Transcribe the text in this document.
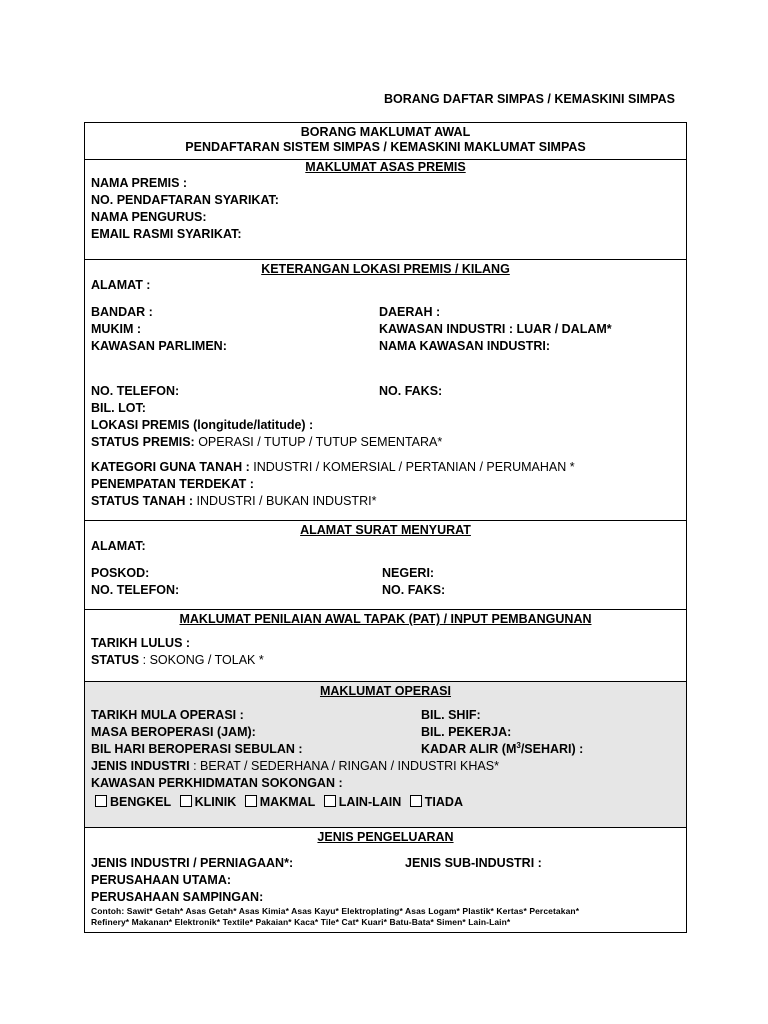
BORANG DAFTAR SIMPAS / KEMASKINI SIMPAS
BORANG MAKLUMAT AWAL
PENDAFTARAN SISTEM SIMPAS / KEMASKINI MAKLUMAT SIMPAS
MAKLUMAT ASAS PREMIS
NAMA PREMIS :
NO. PENDAFTARAN SYARIKAT:
NAMA PENGURUS:
EMAIL RASMI SYARIKAT:
KETERANGAN LOKASI PREMIS / KILANG
ALAMAT :
BANDAR :	DAERAH :
MUKIM :	KAWASAN INDUSTRI : LUAR / DALAM*
KAWASAN PARLIMEN:	NAMA KAWASAN INDUSTRI:
NO. TELEFON:	NO. FAKS:
BIL. LOT:
LOKASI PREMIS (longitude/latitude) :
STATUS PREMIS: OPERASI / TUTUP / TUTUP SEMENTARA*
KATEGORI GUNA TANAH : INDUSTRI / KOMERSIAL / PERTANIAN / PERUMAHAN *
PENEMPATAN TERDEKAT :
STATUS TANAH : INDUSTRI / BUKAN INDUSTRI*
ALAMAT SURAT MENYURAT
ALAMAT:
POSKOD:	NEGERI:
NO. TELEFON:	NO. FAKS:
MAKLUMAT PENILAIAN AWAL TAPAK (PAT) / INPUT PEMBANGUNAN
TARIKH LULUS :
STATUS : SOKONG / TOLAK *
MAKLUMAT OPERASI
TARIKH MULA OPERASI :	BIL. SHIF:
MASA BEROPERASI (JAM):	BIL. PEKERJA:
BIL HARI BEROPERASI SEBULAN :	KADAR ALIR $(M^3/SEHARI)$ :
JENIS INDUSTRI : BERAT / SEDERHANA / RINGAN / INDUSTRI KHAS*
KAWASAN PERKHIDMATAN SOKONGAN :
BENGKEL KLINIK MAKMAL LAIN-LAIN TIADA
JENIS PENGELUARAN
JENIS INDUSTRI / PERNIAGAAN*:	JENIS SUB-INDUSTRI :
PERUSAHAAN UTAMA:
PERUSAHAAN SAMPINGAN:
Contoh: Sawit* Getah* Asas Getah* Asas Kimia* Asas Kayu* Elektroplating* Asas Logam* Plastik* Kertas* Percetakan*
Refinery* Makanan* Elektronik* Textile* Pakaian* Kaca* Tile* Cat* Kuari* Batu-Bata* Simen* Lain-Lain*
